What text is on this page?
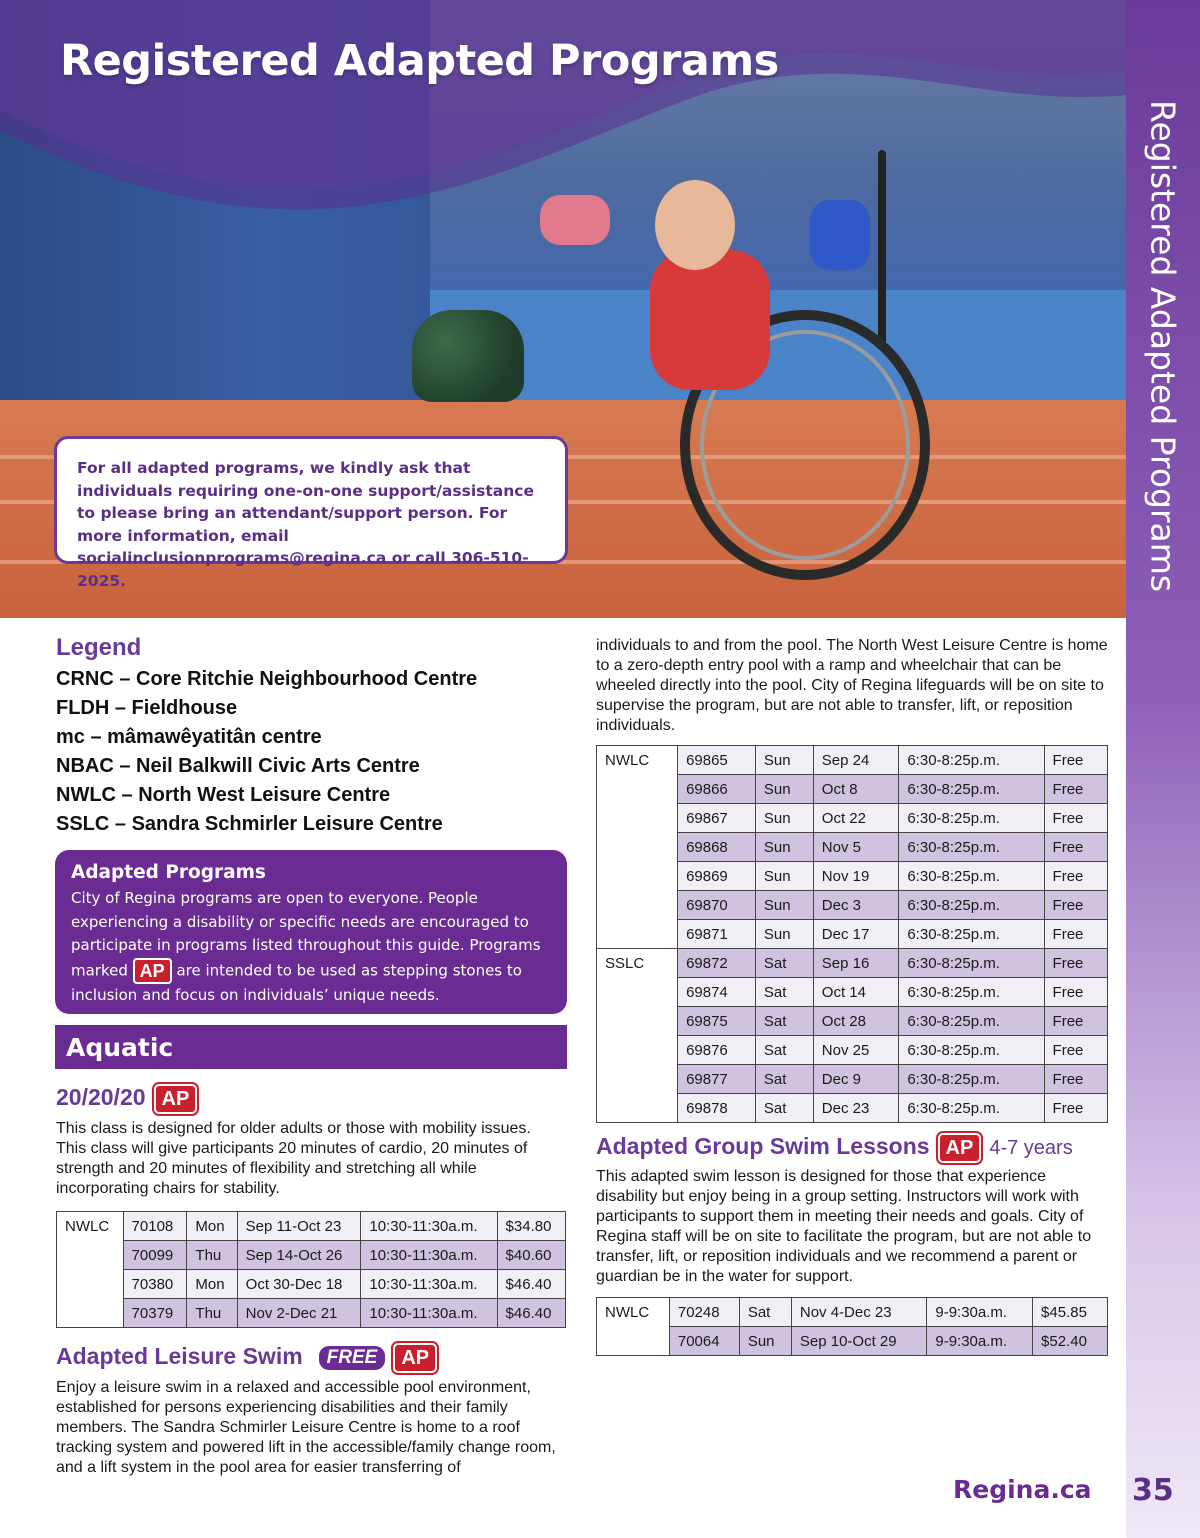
Registered Adapted Programs

For all adapted programs, we kindly ask that individuals requiring one-on-one support/assistance to please bring an attendant/support person. For more information, email socialinclusionprograms@regina.ca or call 306-510-2025.	Registered Adapted Programs
Legend
CRNC – Core Ritchie Neighbourhood Centre
FLDH – Fieldhouse
mc – mâmawêyatitân centre
NBAC – Neil Balkwill Civic Arts Centre
NWLC – North West Leisure Centre
SSLC – Sandra Schmirler Leisure Centre
Adapted Programs

City of Regina programs are open to everyone. People experiencing a disability or specific needs are encouraged to participate in programs listed throughout this guide. Programs marked AP are intended to be used as stepping stones to inclusion and focus on individuals’ unique needs.

Aquatic
20/20/20 AP

This class is designed for older adults or those with mobility issues. This class will give participants 20 minutes of cardio, 20 minutes of strength and 20 minutes of flexibility and stretching all while incorporating chairs for stability.

NWLC	70108	Mon	Sep 11-Oct 23	10:30-11:30a.m.	$34.80
	70099	Thu	Sep 14-Oct 26	10:30-11:30a.m.	$40.60
	70380	Mon	Oct 30-Dec 18	10:30-11:30a.m.	$46.40
	70379	Thu	Nov 2-Dec 21	10:30-11:30a.m.	$46.40
Adapted Leisure Swim FREE AP

Enjoy a leisure swim in a relaxed and accessible pool environment, established for persons experiencing disabilities and their family members. The Sandra Schmirler Leisure Centre is home to a roof tracking system and powered lift in the accessible/family change room, and a lift system in the pool area for easier transferring of

individuals to and from the pool. The North West Leisure Centre is home to a zero-depth entry pool with a ramp and wheelchair that can be wheeled directly into the pool. City of Regina lifeguards will be on site to supervise the program, but are not able to transfer, lift, or reposition individuals.

NWLC	69865	Sun	Sep 24	6:30-8:25p.m.	Free
	69866	Sun	Oct 8	6:30-8:25p.m.	Free
	69867	Sun	Oct 22	6:30-8:25p.m.	Free
	69868	Sun	Nov 5	6:30-8:25p.m.	Free
	69869	Sun	Nov 19	6:30-8:25p.m.	Free
	69870	Sun	Dec 3	6:30-8:25p.m.	Free
	69871	Sun	Dec 17	6:30-8:25p.m.	Free
SSLC	69872	Sat	Sep 16	6:30-8:25p.m.	Free
	69874	Sat	Oct 14	6:30-8:25p.m.	Free
	69875	Sat	Oct 28	6:30-8:25p.m.	Free
	69876	Sat	Nov 25	6:30-8:25p.m.	Free
	69877	Sat	Dec 9	6:30-8:25p.m.	Free
	69878	Sat	Dec 23	6:30-8:25p.m.	Free
Adapted Group Swim Lessons AP 4-7 years

This adapted swim lesson is designed for those that experience disability but enjoy being in a group setting. Instructors will work with participants to support them in meeting their needs and goals. City of Regina staff will be on site to facilitate the program, but are not able to transfer, lift, or reposition individuals and we recommend a parent or guardian be in the water for support.

NWLC	70248	Sat	Nov 4-Dec 23	9-9:30a.m.	$45.85
	70064	Sun	Sep 10-Oct 29	9-9:30a.m.	$52.40
Regina.ca 35
